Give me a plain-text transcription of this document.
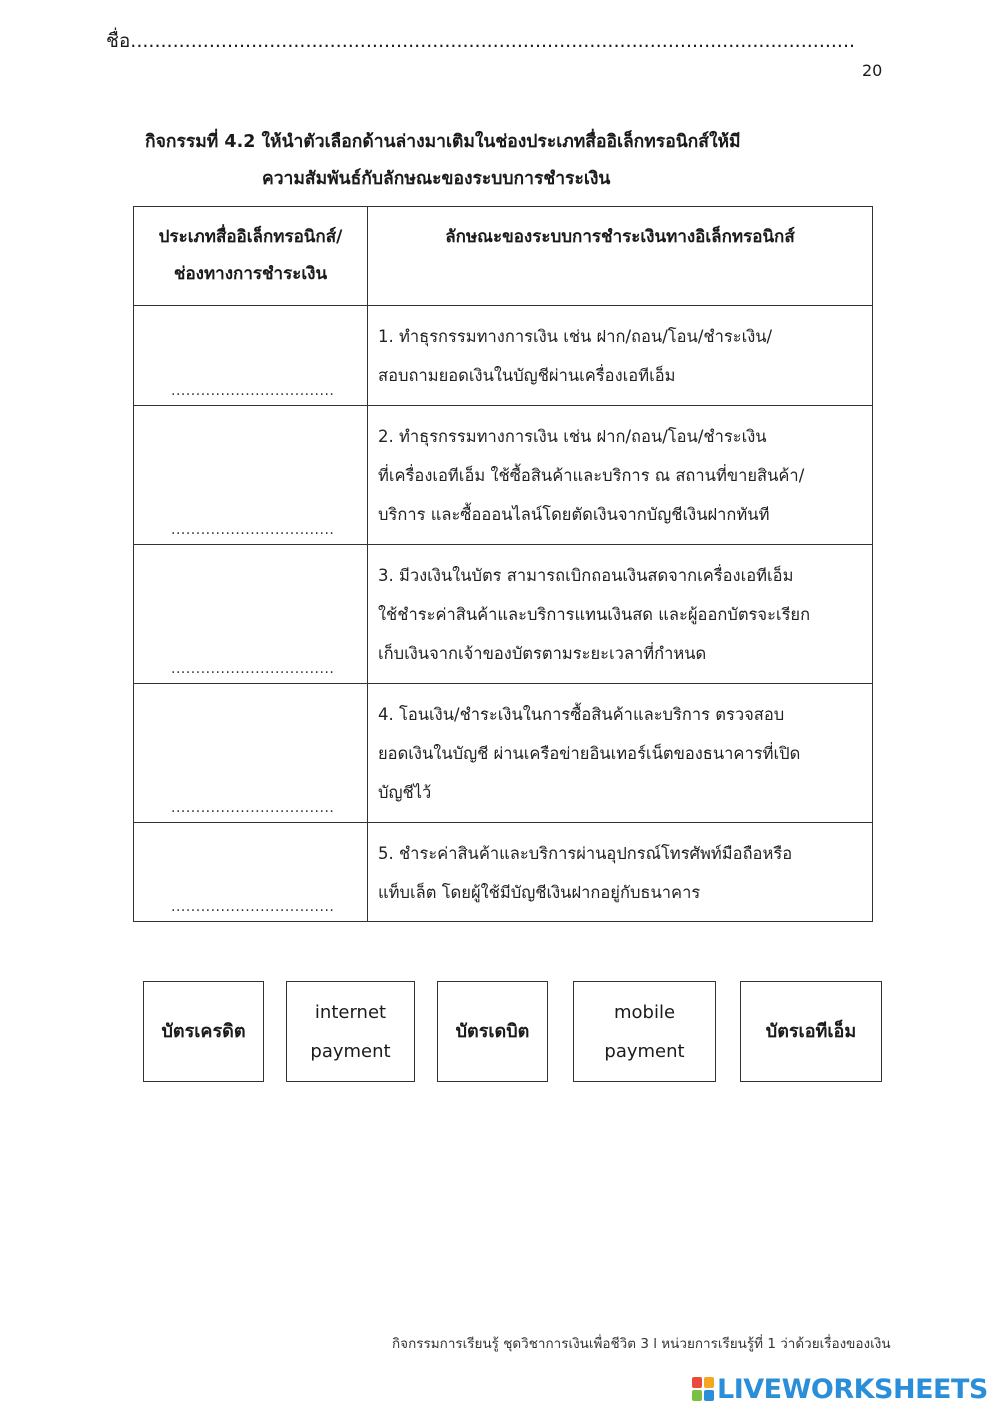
ชื่อ........................................................................................................................
20
กิจกรรมที่ 4.2 ให้นำตัวเลือกด้านล่างมาเติมในช่องประเภทสื่ออิเล็กทรอนิกส์ให้มี
ความสัมพันธ์กับลักษณะของระบบการชำระเงิน
ประเภทสื่ออิเล็กทรอนิกส์/
ช่องทางการชำระเงิน	ลักษณะของระบบการชำระเงินทางอิเล็กทรอนิกส์

.................................	1. ทำธุรกรรมทางการเงิน เช่น ฝาก/ถอน/โอน/ชำระเงิน/
สอบถามยอดเงินในบัญชีผ่านเครื่องเอทีเอ็ม

.................................	2. ทำธุรกรรมทางการเงิน เช่น ฝาก/ถอน/โอน/ชำระเงิน
ที่เครื่องเอทีเอ็ม ใช้ซื้อสินค้าและบริการ ณ สถานที่ขายสินค้า/
บริการ และซื้อออนไลน์โดยตัดเงินจากบัญชีเงินฝากทันที

.................................	3. มีวงเงินในบัตร สามารถเบิกถอนเงินสดจากเครื่องเอทีเอ็ม
ใช้ชำระค่าสินค้าและบริการแทนเงินสด และผู้ออกบัตรจะเรียก
เก็บเงินจากเจ้าของบัตรตามระยะเวลาที่กำหนด

.................................	4. โอนเงิน/ชำระเงินในการซื้อสินค้าและบริการ ตรวจสอบ
ยอดเงินในบัญชี ผ่านเครือข่ายอินเทอร์เน็ตของธนาคารที่เปิด
บัญชีไว้

.................................	5. ชำระค่าสินค้าและบริการผ่านอุปกรณ์โทรศัพท์มือถือหรือ
แท็บเล็ต โดยผู้ใช้มีบัญชีเงินฝากอยู่กับธนาคาร
บัตรเครดิต
internet
payment
บัตรเดบิต
mobile
payment
บัตรเอทีเอ็ม
กิจกรรมการเรียนรู้ ชุดวิชาการเงินเพื่อชีวิต 3 l หน่วยการเรียนรู้ที่ 1 ว่าด้วยเรื่องของเงิน
LIVEWORKSHEETS
